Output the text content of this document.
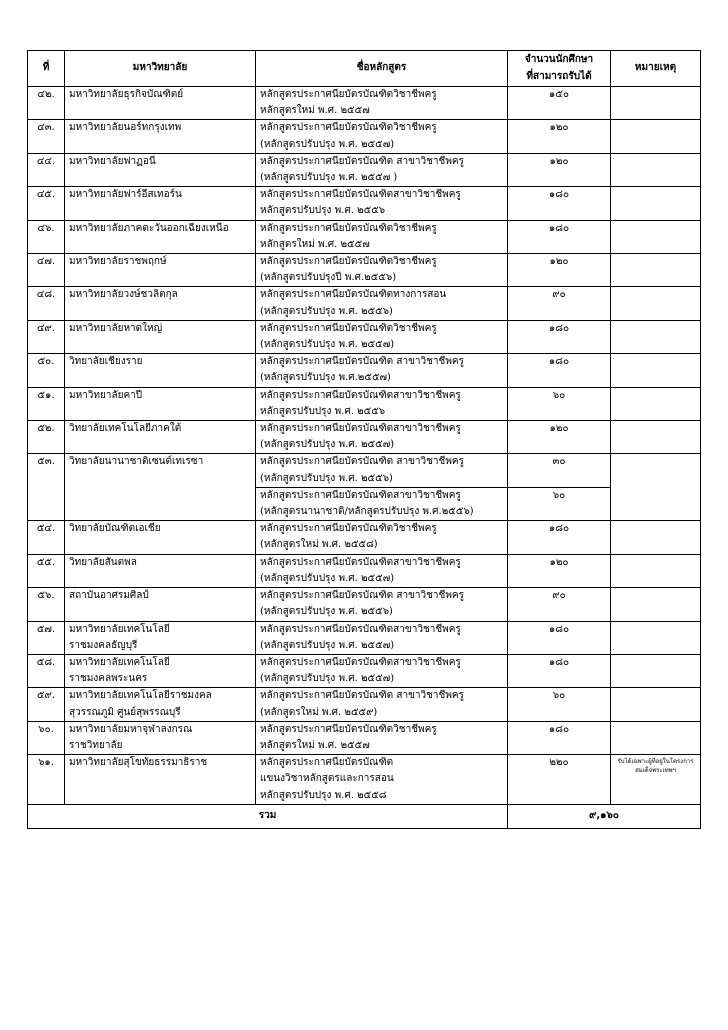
ที่	มหาวิทยาลัย	ชื่อหลักสูตร	จำนวนนักศึกษา
ที่สามารถรับได้	หมายเหตุ
๔๒.	มหาวิทยาลัยธุรกิจบัณฑิตย์	หลักสูตรประกาศนียบัตรบัณฑิตวิชาชีพครู
หลักสูตรใหม่ พ.ศ. ๒๕๕๗	๑๕๐	
๔๓.	มหาวิทยาลัยนอร์ทกรุงเทพ	หลักสูตรประกาศนียบัตรบัณฑิตวิชาชีพครู
(หลักสูตรปรับปรุง พ.ศ. ๒๕๕๗)	๑๒๐	
๔๔.	มหาวิทยาลัยฟาฏอนี	หลักสูตรประกาศนียบัตรบัณฑิต สาขาวิชาชีพครู
(หลักสูตรปรับปรุง พ.ศ. ๒๕๕๗ )	๑๒๐	
๔๕.	มหาวิทยาลัยฟาร์อีสเทอร์น	หลักสูตรประกาศนียบัตรบัณฑิตสาขาวิชาชีพครู
หลักสูตรปรับปรุง พ.ศ. ๒๕๕๖	๑๘๐	
๔๖.	มหาวิทยาลัยภาคตะวันออกเฉียงเหนือ	หลักสูตรประกาศนียบัตรบัณฑิตวิชาชีพครู
หลักสูตรใหม่ พ.ศ. ๒๕๕๗	๑๘๐	
๔๗.	มหาวิทยาลัยราชพฤกษ์	หลักสูตรประกาศนียบัตรบัณฑิตวิชาชีพครู
(หลักสูตรปรับปรุงปี พ.ศ.๒๕๕๖)	๑๒๐	
๔๘.	มหาวิทยาลัยวงษ์ชวลิตกุล	หลักสูตรประกาศนียบัตรบัณฑิตทางการสอน
(หลักสูตรปรับปรุง พ.ศ. ๒๕๕๖)	๙๐	
๔๙.	มหาวิทยาลัยหาดใหญ่	หลักสูตรประกาศนียบัตรบัณฑิตวิชาชีพครู
(หลักสูตรปรับปรุง พ.ศ. ๒๕๕๗)	๑๘๐	
๕๐.	วิทยาลัยเชียงราย	หลักสูตรประกาศนียบัตรบัณฑิต สาขาวิชาชีพครู
(หลักสูตรปรับปรุง พ.ศ.๒๕๕๗)	๑๘๐	
๕๑.	มหาวิทยาลัยคาปี	หลักสูตรประกาศนียบัตรบัณฑิตสาขาวิชาชีพครู
หลักสูตรปรับปรุง พ.ศ. ๒๕๕๖	๖๐	
๕๒.	วิทยาลัยเทคโนโลยีภาคใต้	หลักสูตรประกาศนียบัตรบัณฑิตสาขาวิชาชีพครู
(หลักสูตรปรับปรุง พ.ศ. ๒๕๕๗)	๑๒๐	
๕๓.	วิทยาลัยนานาชาติเซนต์เทเรซา	หลักสูตรประกาศนียบัตรบัณฑิต สาขาวิชาชีพครู
(หลักสูตรปรับปรุง พ.ศ. ๒๕๕๖)	๓๐	

		หลักสูตรประกาศนียบัตรบัณฑิตสาขาวิชาชีพครู
(หลักสูตรนานาชาติ/หลักสูตรปรับปรุง พ.ศ.๒๕๕๖)	๖๐	
๕๔.	วิทยาลัยบัณฑิตเอเชีย	หลักสูตรประกาศนียบัตรบัณฑิตวิชาชีพครู
(หลักสูตรใหม่ พ.ศ. ๒๕๕๘)	๑๘๐	
๕๕.	วิทยาลัยสันตพล	หลักสูตรประกาศนียบัตรบัณฑิตสาขาวิชาชีพครู
(หลักสูตรปรับปรุง พ.ศ. ๒๕๕๗)	๑๒๐	
๕๖.	สถาบันอาศรมศิลป์	หลักสูตรประกาศนียบัตรบัณฑิต สาขาวิชาชีพครู
(หลักสูตรปรับปรุง พ.ศ. ๒๕๕๖)	๙๐	
๕๗.	มหาวิทยาลัยเทคโนโลยี
ราชมงคลธัญบุรี	หลักสูตรประกาศนียบัตรบัณฑิตสาขาวิชาชีพครู
(หลักสูตรปรับปรุง พ.ศ. ๒๕๕๗)	๑๘๐	
๕๘.	มหาวิทยาลัยเทคโนโลยี
ราชมงคลพระนคร	หลักสูตรประกาศนียบัตรบัณฑิตสาขาวิชาชีพครู
(หลักสูตรปรับปรุง พ.ศ. ๒๕๕๗)	๑๘๐	
๕๙.	มหาวิทยาลัยเทคโนโลยีราชมงคล
สุวรรณภูมิ ศูนย์สุพรรณบุรี	หลักสูตรประกาศนียบัตรบัณฑิต สาขาวิชาชีพครู
(หลักสูตรใหม่ พ.ศ. ๒๕๕๙)	๖๐	
๖๐.	มหาวิทยาลัยมหาจุฬาลงกรณ
ราชวิทยาลัย	หลักสูตรประกาศนียบัตรบัณฑิตวิชาชีพครู
หลักสูตรใหม่ พ.ศ. ๒๕๕๗	๑๘๐	
๖๑.	มหาวิทยาลัยสุโขทัยธรรมาธิราช	หลักสูตรประกาศนียบัตรบัณฑิต
แขนงวิชาหลักสูตรและการสอน
หลักสูตรปรับปรุง พ.ศ. ๒๕๕๘	๒๒๐	รับได้เฉพาะผู้ที่อยู่ในโครงการสมเด็จพระเทพฯ

รวม			๙,๑๖๐	
